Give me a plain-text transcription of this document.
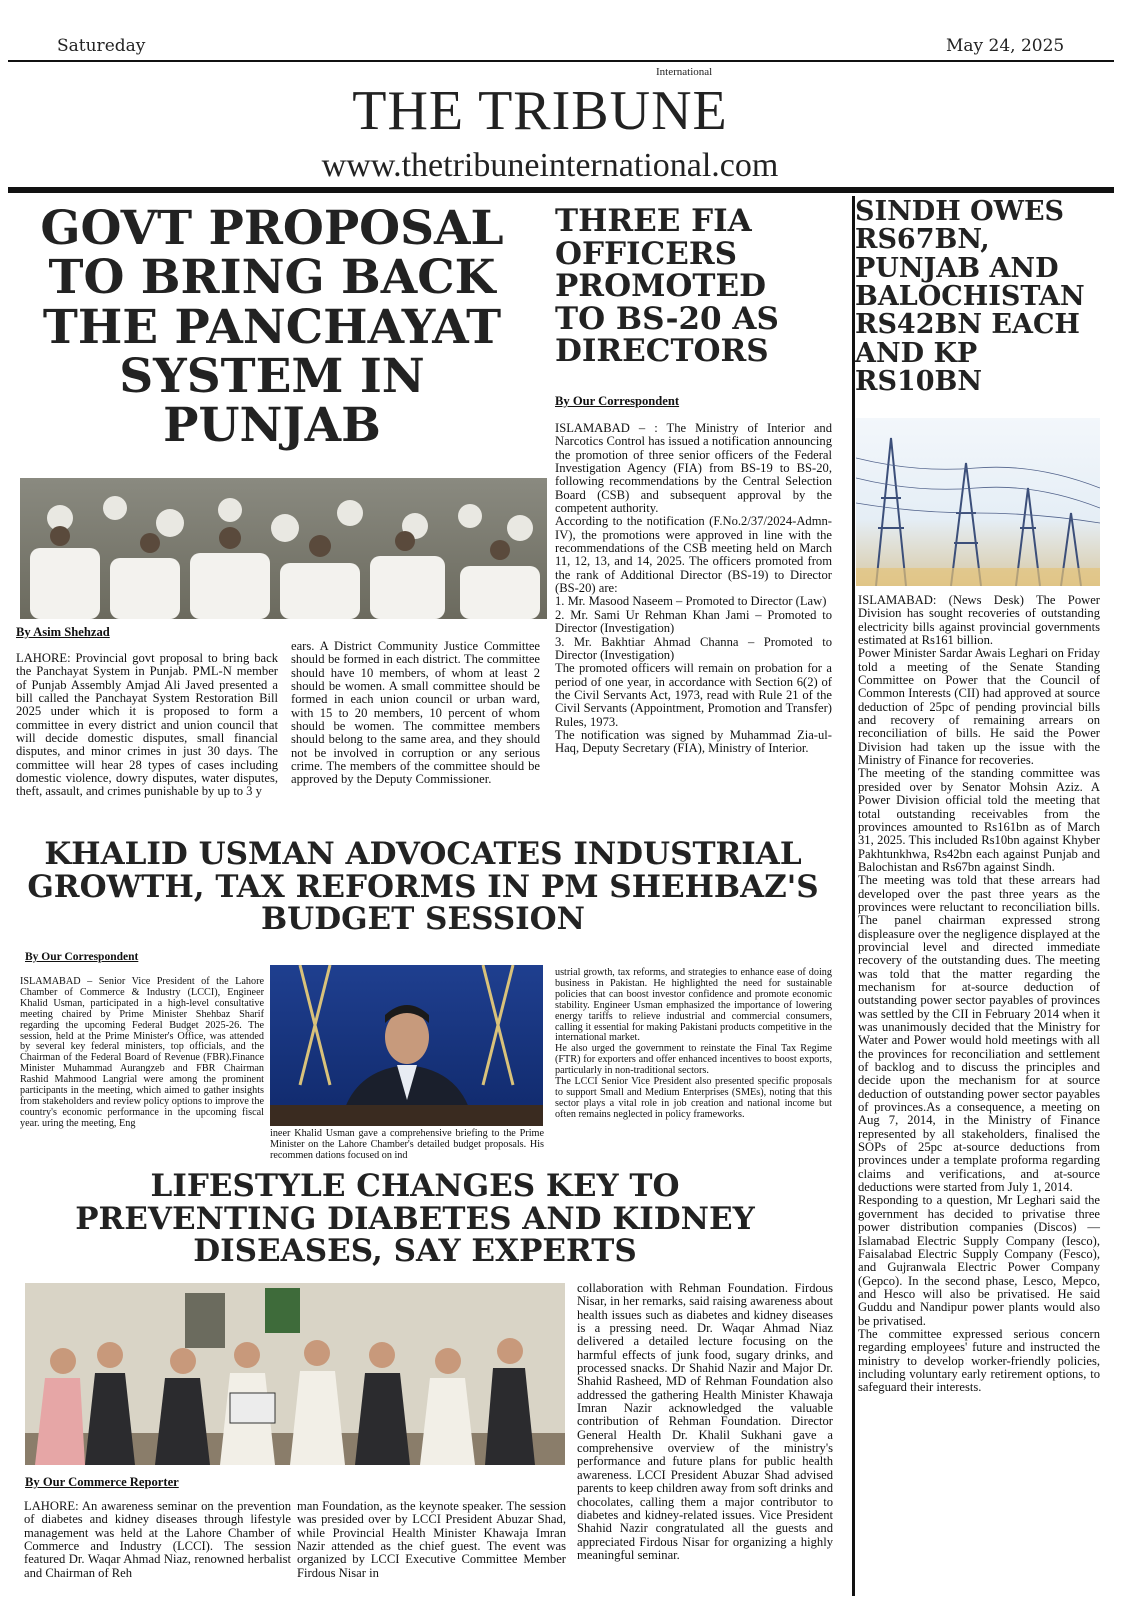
Satureday	May 24, 2025
International
THE TRIBUNE
www.thetribuneinternational.com
GOVT PROPOSAL TO BRING BACK THE PANCHAYAT SYSTEM IN PUNJAB

By Asim Shehzad

LAHORE: Provincial govt proposal to bring back the Panchayat System in Punjab. PML-N member of Punjab Assembly Amjad Ali Javed presented a bill called the Panchayat System Restoration Bill 2025 under which it is proposed to form a committee in every district and union council that will decide domestic disputes, small financial disputes, and minor crimes in just 30 days. The committee will hear 28 types of cases including domestic violence, dowry disputes, water disputes, theft, assault, and crimes punishable by up to 3 y
ears. A District Community Justice Committee should be formed in each district. The committee should have 10 members, of whom at least 2 should be women. A small committee should be formed in each union council or urban ward, with 15 to 20 members, 10 percent of whom should be women. The committee members should belong to the same area, and they should not be involved in corruption or any serious crime. The members of the committee should be approved by the Deputy Commissioner.
THREE FIA OFFICERS PROMOTED TO BS-20 AS DIRECTORS

By Our Correspondent

ISLAMABAD – : The Ministry of Interior and Narcotics Control has issued a notification announcing the promotion of three senior officers of the Federal Investigation Agency (FIA) from BS-19 to BS-20, following recommendations by the Central Selection Board (CSB) and subsequent approval by the competent authority.

According to the notification (F.No.2/37/2024-Admn-IV), the promotions were approved in line with the recommendations of the CSB meeting held on March 11, 12, 13, and 14, 2025. The officers promoted from the rank of Additional Director (BS-19) to Director (BS-20) are:

1. Mr. Masood Naseem – Promoted to Director (Law)

2. Mr. Sami Ur Rehman Khan Jami – Promoted to Director (Investigation)

3. Mr. Bakhtiar Ahmad Channa – Promoted to Director (Investigation)

The promoted officers will remain on probation for a period of one year, in accordance with Section 6(2) of the Civil Servants Act, 1973, read with Rule 21 of the Civil Servants (Appointment, Promotion and Transfer) Rules, 1973.

The notification was signed by Muhammad Zia-ul-Haq, Deputy Secretary (FIA), Ministry of Interior.

SINDH OWES RS67BN, PUNJAB AND BALOCHISTAN RS42BN EACH AND KP RS10BN

ISLAMABAD: (News Desk) The Power Division has sought recoveries of outstanding electricity bills against provincial governments estimated at Rs161 billion.

Power Minister Sardar Awais Leghari on Friday told a meeting of the Senate Standing Committee on Power that the Council of Common Interests (CII) had approved at source deduction of 25pc of pending provincial bills and recovery of remaining arrears on reconciliation of bills. He said the Power Division had taken up the issue with the Ministry of Finance for recoveries.

The meeting of the standing committee was presided over by Senator Mohsin Aziz. A Power Division official told the meeting that total outstanding receivables from the provinces amounted to Rs161bn as of March 31, 2025. This included Rs10bn against Khyber Pakhtunkhwa, Rs42bn each against Punjab and Balochistan and Rs67bn against Sindh.

The meeting was told that these arrears had developed over the past three years as the provinces were reluctant to reconciliation bills. The panel chairman expressed strong displeasure over the negligence displayed at the provincial level and directed immediate recovery of the outstanding dues. The meeting was told that the matter regarding the mechanism for at-source deduction of outstanding power sector payables of provinces was settled by the CII in February 2014 when it was unanimously decided that the Ministry for Water and Power would hold meetings with all the provinces for reconciliation and settlement of backlog and to discuss the principles and decide upon the mechanism for at source deduction of outstanding power sector payables of provinces.As a consequence, a meeting on Aug 7, 2014, in the Ministry of Finance represented by all stakeholders, finalised the SOPs of 25pc at-source deductions from provinces under a template proforma regarding claims and verifications, and at-source deductions were started from July 1, 2014.

Responding to a question, Mr Leghari said the government has decided to privatise three power distribution companies (Discos) — Islamabad Electric Supply Company (Iesco), Faisalabad Electric Supply Company (Fesco), and Gujranwala Electric Power Company (Gepco). In the second phase, Lesco, Mepco, and Hesco will also be privatised. He said Guddu and Nandipur power plants would also be privatised.

The committee expressed serious concern regarding employees' future and instructed the ministry to develop worker-friendly policies, including voluntary early retirement options, to safeguard their interests.

KHALID USMAN ADVOCATES INDUSTRIAL GROWTH, TAX REFORMS IN PM SHEHBAZ'S BUDGET SESSION

By Our Correspondent

ISLAMABAD – Senior Vice President of the Lahore Chamber of Commerce & Industry (LCCI), Engineer Khalid Usman, participated in a high-level consultative meeting chaired by Prime Minister Shehbaz Sharif regarding the upcoming Federal Budget 2025-26. The session, held at the Prime Minister's Office, was attended by several key federal ministers, top officials, and the Chairman of the Federal Board of Revenue (FBR).Finance Minister Muhammad Aurangzeb and FBR Chairman Rashid Mahmood Langrial were among the prominent participants in the meeting, which aimed to gather insights from stakeholders and review policy options to improve the country's economic performance in the upcoming fiscal year. uring the meeting, Eng
ineer Khalid Usman gave a comprehensive briefing to the Prime Minister on the Lahore Chamber's detailed budget proposals. His recommen dations focused on ind

ustrial growth, tax reforms, and strategies to enhance ease of doing business in Pakistan. He highlighted the need for sustainable policies that can boost investor confidence and promote economic stability. Engineer Usman emphasized the importance of lowering energy tariffs to relieve industrial and commercial consumers, calling it essential for making Pakistani products competitive in the international market.

He also urged the government to reinstate the Final Tax Regime (FTR) for exporters and offer enhanced incentives to boost exports, particularly in non-traditional sectors.

The LCCI Senior Vice President also presented specific proposals to support Small and Medium Enterprises (SMEs), noting that this sector plays a vital role in job creation and national income but often remains neglected in policy frameworks.

LIFESTYLE CHANGES KEY TO PREVENTING DIABETES AND KIDNEY DISEASES, SAY EXPERTS

By Our Commerce Reporter

LAHORE: An awareness seminar on the prevention of diabetes and kidney diseases through lifestyle management was held at the Lahore Chamber of Commerce and Industry (LCCI). The session featured Dr. Waqar Ahmad Niaz, renowned herbalist and Chairman of Reh
man Foundation, as the keynote speaker. The session was presided over by LCCI President Abuzar Shad, while Provincial Health Minister Khawaja Imran Nazir attended as the chief guest. The event was organized by LCCI Executive Committee Member Firdous Nisar in
collaboration with Rehman Foundation. Firdous Nisar, in her remarks, said raising awareness about health issues such as diabetes and kidney diseases is a pressing need. Dr. Waqar Ahmad Niaz delivered a detailed lecture focusing on the harmful effects of junk food, sugary drinks, and processed snacks. Dr Shahid Nazir and Major Dr. Shahid Rasheed, MD of Rehman Foundation also addressed the gathering Health Minister Khawaja Imran Nazir acknowledged the valuable contribution of Rehman Foundation. Director General Health Dr. Khalil Sukhani gave a comprehensive overview of the ministry's performance and future plans for public health awareness. LCCI President Abuzar Shad advised parents to keep children away from soft drinks and chocolates, calling them a major contributor to diabetes and kidney-related issues. Vice President Shahid Nazir congratulated all the guests and appreciated Firdous Nisar for organizing a highly meaningful seminar.
